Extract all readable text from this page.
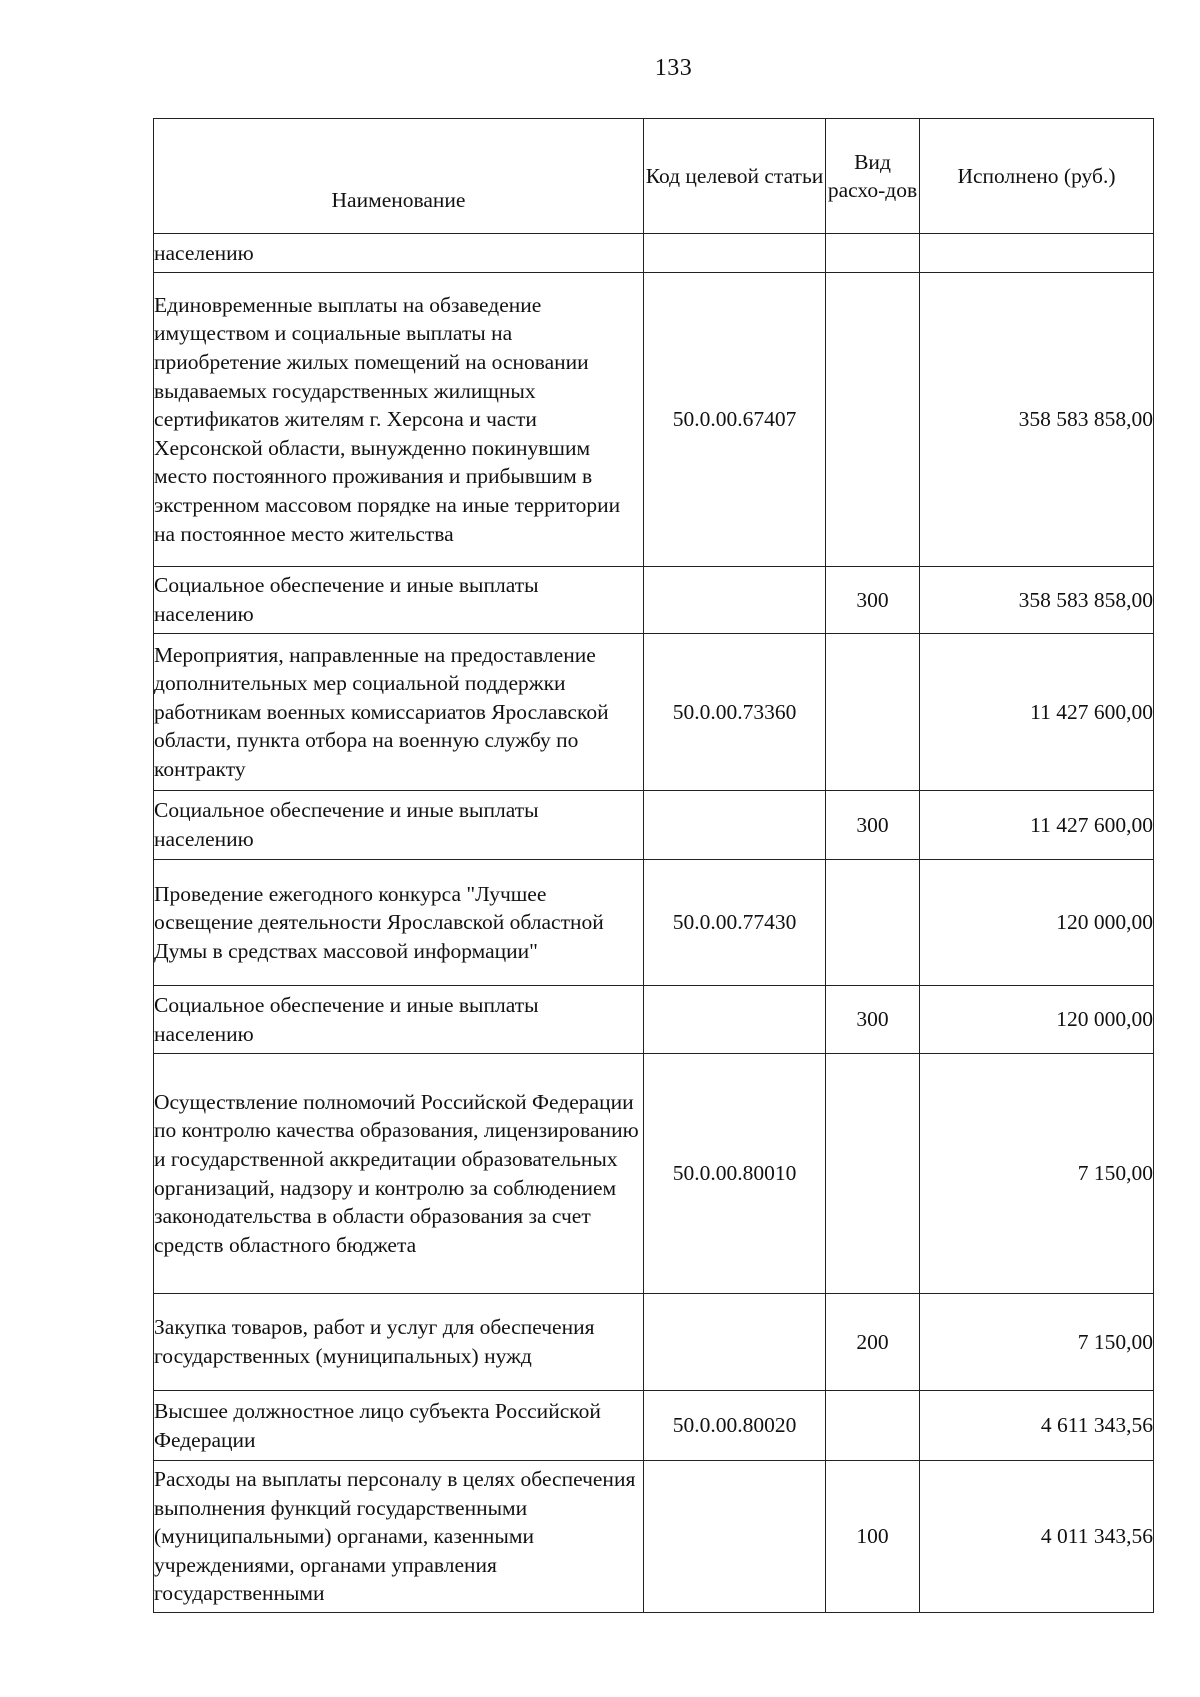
133
Наименование	Код целевой статьи	Вид расхо-дов	Исполнено (руб.)
населению			
Единовременные выплаты на обзаведение имуществом и социальные выплаты на приобретение жилых помещений на основании выдаваемых государственных жилищных сертификатов жителям г. Херсона и части Херсонской области, вынужденно покинувшим место постоянного проживания и прибывшим в экстренном массовом порядке на иные территории на постоянное место жительства	50.0.00.67407		358 583 858,00
Социальное обеспечение и иные выплаты населению		300	358 583 858,00
Мероприятия, направленные на предоставление дополнительных мер социальной поддержки работникам военных комиссариатов Ярославской области, пункта отбора на военную службу по контракту	50.0.00.73360		11 427 600,00
Социальное обеспечение и иные выплаты населению		300	11 427 600,00
Проведение ежегодного конкурса "Лучшее освещение деятельности Ярославской областной Думы в средствах массовой информации"	50.0.00.77430		120 000,00
Социальное обеспечение и иные выплаты населению		300	120 000,00
Осуществление полномочий Российской Федерации по контролю качества образования, лицензированию и государственной аккредитации образовательных организаций, надзору и контролю за соблюдением законодательства в области образования за счет средств областного бюджета	50.0.00.80010		7 150,00
Закупка товаров, работ и услуг для обеспечения государственных (муниципальных) нужд		200	7 150,00
Высшее должностное лицо субъекта Российской Федерации	50.0.00.80020		4 611 343,56
Расходы на выплаты персоналу в целях обеспечения выполнения функций государственными (муниципальными) органами, казенными учреждениями, органами управления государственными		100	4 011 343,56
